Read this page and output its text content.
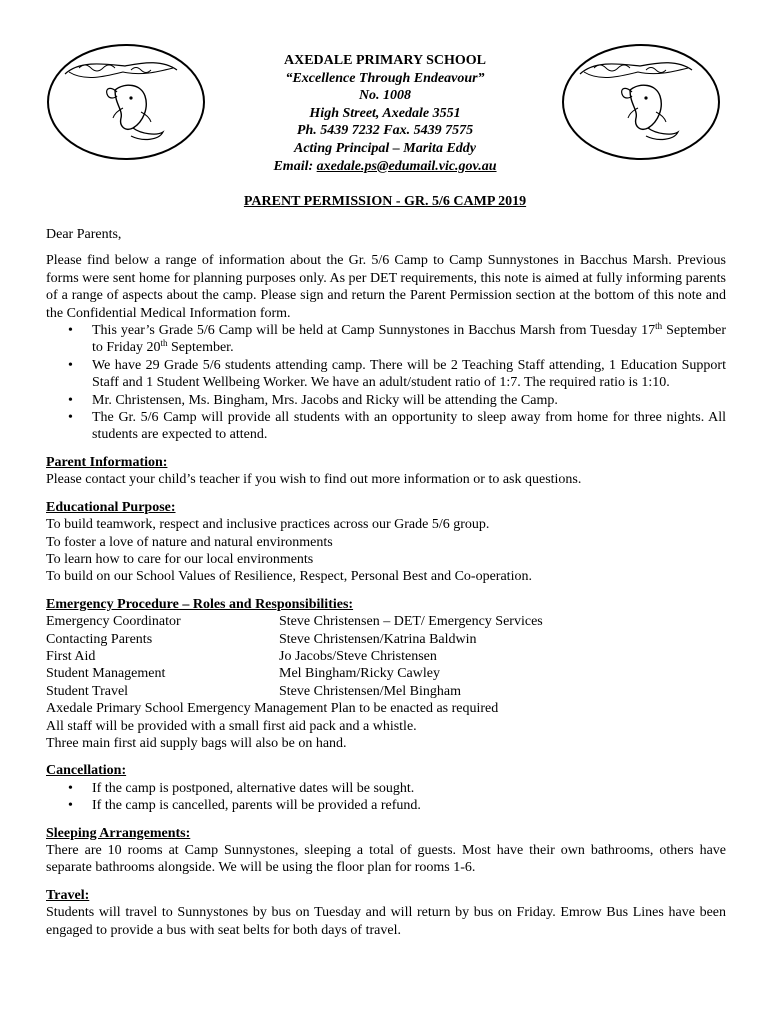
AXEDALE PRIMARY SCHOOL
“Excellence Through Endeavour”
No. 1008
High Street, Axedale 3551
Ph. 5439 7232 Fax. 5439 7575
Acting Principal – Marita Eddy
Email: axedale.ps@edumail.vic.gov.au
PARENT PERMISSION - GR. 5/6 CAMP 2019

Dear Parents,

Please find below a range of information about the Gr. 5/6 Camp to Camp Sunnystones in Bacchus Marsh. Previous forms were sent home for planning purposes only. As per DET requirements, this note is aimed at fully informing parents of a range of aspects about the camp. Please sign and return the Parent Permission section at the bottom of this note and the Confidential Medical Information form.

• This year’s Grade 5/6 Camp will be held at Camp Sunnystones in Bacchus Marsh from Tuesday 17th September to Friday 20th September.
• We have 29 Grade 5/6 students attending camp. There will be 2 Teaching Staff attending, 1 Education Support Staff and 1 Student Wellbeing Worker. We have an adult/student ratio of 1:7. The required ratio is 1:10.
• Mr. Christensen, Ms. Bingham, Mrs. Jacobs and Ricky will be attending the Camp.
• The Gr. 5/6 Camp will provide all students with an opportunity to sleep away from home for three nights. All students are expected to attend.
Parent Information:
Please contact your child’s teacher if you wish to find out more information or to ask questions.
Educational Purpose:
To build teamwork, respect and inclusive practices across our Grade 5/6 group.
To foster a love of nature and natural environments
To learn how to care for our local environments
To build on our School Values of Resilience, Respect, Personal Best and Co-operation.
Emergency Procedure – Roles and Responsibilities:
Emergency Coordinator	Steve Christensen – DET/ Emergency Services
Contacting Parents	Steve Christensen/Katrina Baldwin
First Aid	Jo Jacobs/Steve Christensen
Student Management	Mel Bingham/Ricky Cawley
Student Travel	Steve Christensen/Mel Bingham
Axedale Primary School Emergency Management Plan to be enacted as required
All staff will be provided with a small first aid pack and a whistle.
Three main first aid supply bags will also be on hand.
Cancellation:
• If the camp is postponed, alternative dates will be sought.
• If the camp is cancelled, parents will be provided a refund.
Sleeping Arrangements:
There are 10 rooms at Camp Sunnystones, sleeping a total of guests. Most have their own bathrooms, others have separate bathrooms alongside. We will be using the floor plan for rooms 1-6.
Travel:
Students will travel to Sunnystones by bus on Tuesday and will return by bus on Friday. Emrow Bus Lines have been engaged to provide a bus with seat belts for both days of travel.
